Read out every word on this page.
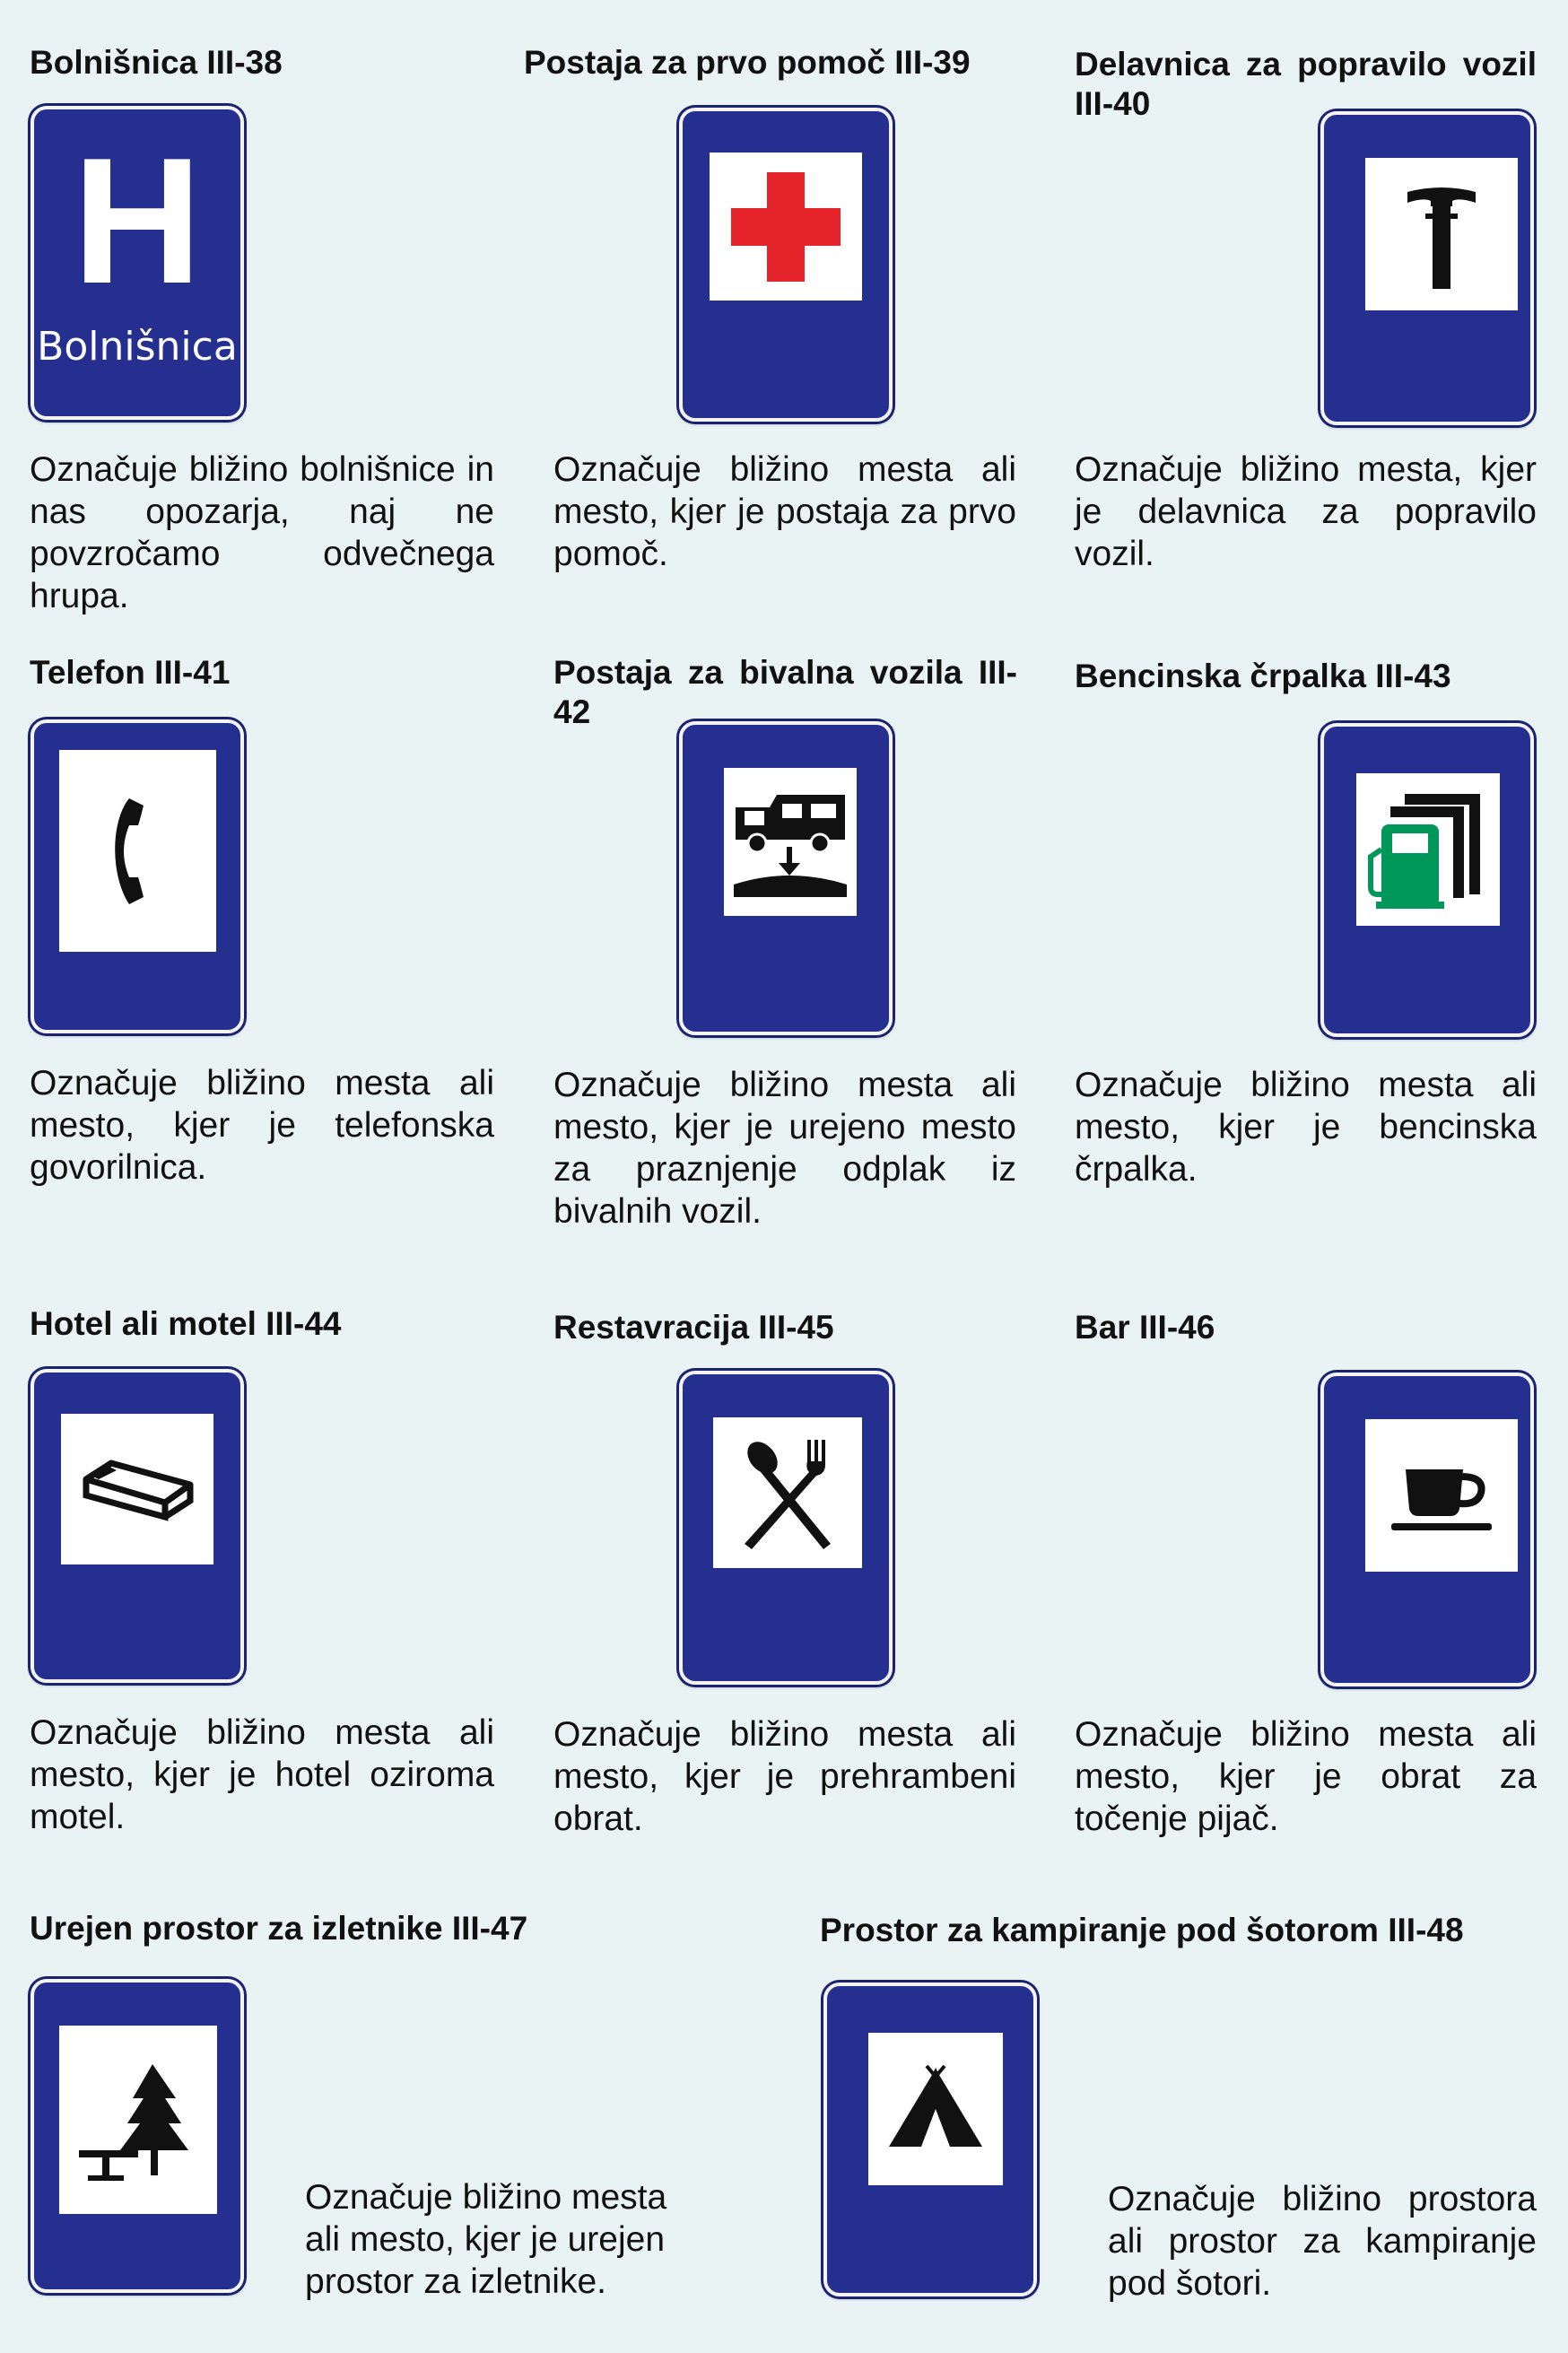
Bolnišnica III-38
H
Bolnišnica

Označuje bližino bolnišnice in nas opozarja, naj ne povzročamo odvečnega hrupa.

Postaja za prvo pomoč III-39

Označuje bližino mesta ali mesto, kjer je postaja za prvo pomoč.

Delavnica za popravilo vozil III-40

Označuje bližino mesta, kjer je delavnica za popravilo vozil.

Telefon III-41

Označuje bližino mesta ali mesto, kjer je telefonska govorilnica.

Postaja za bivalna vozila III-42

Označuje bližino mesta ali mesto, kjer je urejeno mesto za praznjenje odplak iz bivalnih vozil.

Bencinska črpalka III-43

Označuje bližino mesta ali mesto, kjer je bencinska črpalka.

Hotel ali motel III-44

Označuje bližino mesta ali mesto, kjer je hotel oziroma motel.

Restavracija III-45

Označuje bližino mesta ali mesto, kjer je prehrambeni obrat.

Bar III-46

Označuje bližino mesta ali mesto, kjer je obrat za točenje pijač.

Urejen prostor za izletnike III-47

Označuje bližino mesta ali mesto, kjer je urejen prostor za izletnike.

Prostor za kampiranje pod šotorom III-48

Označuje bližino prostora ali prostor za kampiranje pod šotori.
